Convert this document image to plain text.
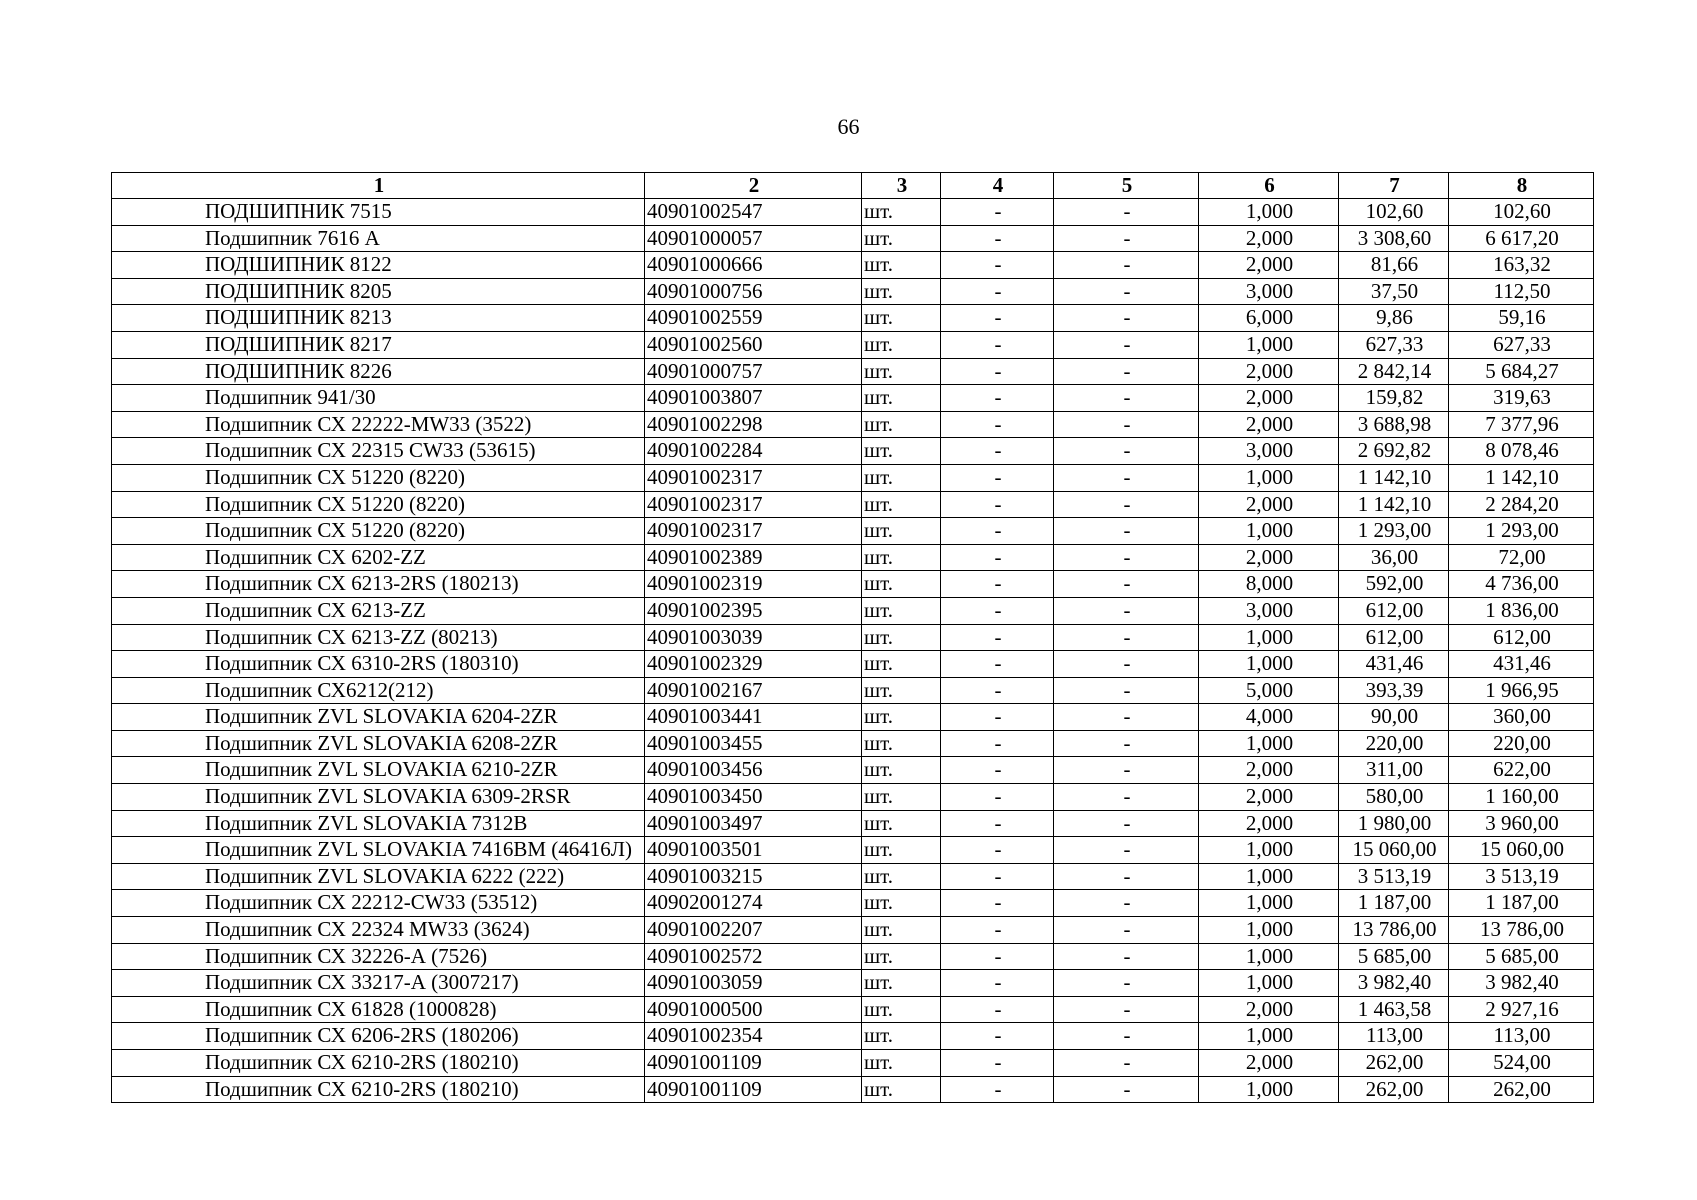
66
1	2	3	4	5	6	7	8
ПОДШИПНИК 7515	40901002547	шт.	-	-	1,000	102,60	102,60
Подшипник 7616 А	40901000057	шт.	-	-	2,000	3 308,60	6 617,20
ПОДШИПНИК 8122	40901000666	шт.	-	-	2,000	81,66	163,32
ПОДШИПНИК 8205	40901000756	шт.	-	-	3,000	37,50	112,50
ПОДШИПНИК 8213	40901002559	шт.	-	-	6,000	9,86	59,16
ПОДШИПНИК 8217	40901002560	шт.	-	-	1,000	627,33	627,33
ПОДШИПНИК 8226	40901000757	шт.	-	-	2,000	2 842,14	5 684,27
Подшипник 941/30	40901003807	шт.	-	-	2,000	159,82	319,63
Подшипник СХ 22222-MW33 (3522)	40901002298	шт.	-	-	2,000	3 688,98	7 377,96
Подшипник СХ 22315 CW33 (53615)	40901002284	шт.	-	-	3,000	2 692,82	8 078,46
Подшипник СХ 51220 (8220)	40901002317	шт.	-	-	1,000	1 142,10	1 142,10
Подшипник СХ 51220 (8220)	40901002317	шт.	-	-	2,000	1 142,10	2 284,20
Подшипник СХ 51220 (8220)	40901002317	шт.	-	-	1,000	1 293,00	1 293,00
Подшипник СХ 6202-ZZ	40901002389	шт.	-	-	2,000	36,00	72,00
Подшипник СХ 6213-2RS (180213)	40901002319	шт.	-	-	8,000	592,00	4 736,00
Подшипник СХ 6213-ZZ	40901002395	шт.	-	-	3,000	612,00	1 836,00
Подшипник СХ 6213-ZZ (80213)	40901003039	шт.	-	-	1,000	612,00	612,00
Подшипник СХ 6310-2RS (180310)	40901002329	шт.	-	-	1,000	431,46	431,46
Подшипник СХ6212(212)	40901002167	шт.	-	-	5,000	393,39	1 966,95
Подшипник ZVL SLOVAKIA 6204-2ZR	40901003441	шт.	-	-	4,000	90,00	360,00
Подшипник ZVL SLOVAKIA 6208-2ZR	40901003455	шт.	-	-	1,000	220,00	220,00
Подшипник ZVL SLOVAKIA 6210-2ZR	40901003456	шт.	-	-	2,000	311,00	622,00
Подшипник ZVL SLOVAKIA 6309-2RSR	40901003450	шт.	-	-	2,000	580,00	1 160,00
Подшипник ZVL SLOVAKIA 7312B	40901003497	шт.	-	-	2,000	1 980,00	3 960,00
Подшипник ZVL SLOVAKIA 7416BM (46416Л)	40901003501	шт.	-	-	1,000	15 060,00	15 060,00
Подшипник ZVL SLOVAKIA 6222 (222)	40901003215	шт.	-	-	1,000	3 513,19	3 513,19
Подшипник СХ 22212-CW33 (53512)	40902001274	шт.	-	-	1,000	1 187,00	1 187,00
Подшипник СХ 22324 MW33 (3624)	40901002207	шт.	-	-	1,000	13 786,00	13 786,00
Подшипник СХ 32226-А (7526)	40901002572	шт.	-	-	1,000	5 685,00	5 685,00
Подшипник СХ 33217-А (3007217)	40901003059	шт.	-	-	1,000	3 982,40	3 982,40
Подшипник СХ 61828 (1000828)	40901000500	шт.	-	-	2,000	1 463,58	2 927,16
Подшипник СХ 6206-2RS (180206)	40901002354	шт.	-	-	1,000	113,00	113,00
Подшипник СХ 6210-2RS (180210)	40901001109	шт.	-	-	2,000	262,00	524,00
Подшипник СХ 6210-2RS (180210)	40901001109	шт.	-	-	1,000	262,00	262,00
